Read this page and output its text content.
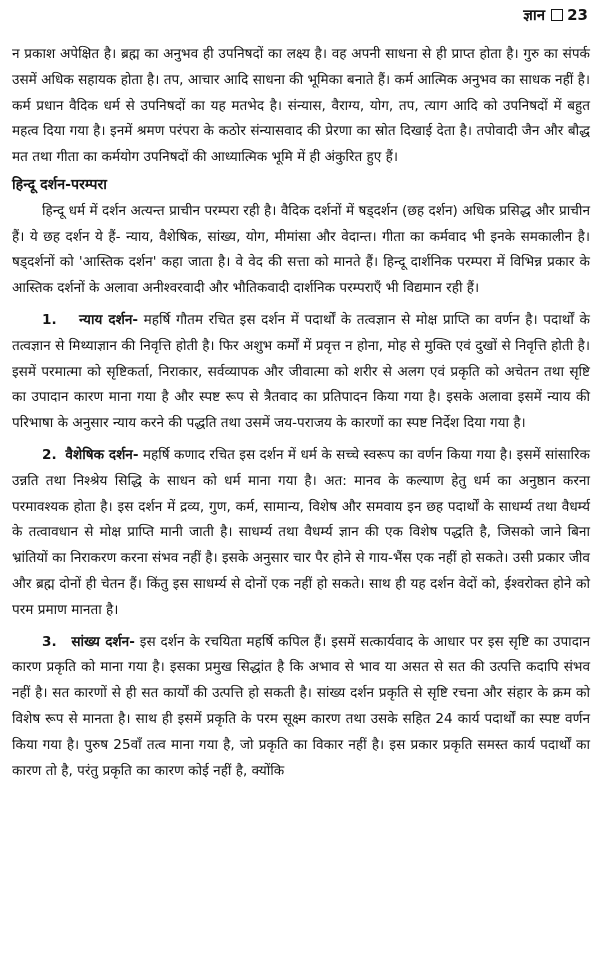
ज्ञान 23

न प्रकाश अपेक्षित है। ब्रह्म का अनुभव ही उपनिषदों का लक्ष्य है। वह अपनी साधना से ही प्राप्त होता है। गुरु का संपर्क उसमें अधिक सहायक होता है। तप, आचार आदि साधना की भूमिका बनाते हैं। कर्म आत्मिक अनुभव का साधक नहीं है। कर्म प्रधान वैदिक धर्म से उपनिषदों का यह मतभेद है। संन्यास, वैराग्य, योग, तप, त्याग आदि को उपनिषदों में बहुत महत्व दिया गया है। इनमें श्रमण परंपरा के कठोर संन्यासवाद की प्रेरणा का स्रोत दिखाई देता है। तपोवादी जैन और बौद्ध मत तथा गीता का कर्मयोग उपनिषदों की आध्यात्मिक भूमि में ही अंकुरित हुए हैं।

हिन्दू दर्शन-परम्परा

हिन्दू धर्म में दर्शन अत्यन्त प्राचीन परम्परा रही है। वैदिक दर्शनों में षड्दर्शन (छह दर्शन) अधिक प्रसिद्ध और प्राचीन हैं। ये छह दर्शन ये हैं- न्याय, वैशेषिक, सांख्य, योग, मीमांसा और वेदान्त। गीता का कर्मवाद भी इनके समकालीन है। षड्दर्शनों को 'आस्तिक दर्शन' कहा जाता है। वे वेद की सत्ता को मानते हैं। हिन्दू दार्शनिक परम्परा में विभिन्न प्रकार के आस्तिक दर्शनों के अलावा अनीश्वरवादी और भौतिकवादी दार्शनिक परम्पराएँ भी विद्यमान रही हैं।

1. न्याय दर्शन- महर्षि गौतम रचित इस दर्शन में पदार्थों के तत्वज्ञान से मोक्ष प्राप्ति का वर्णन है। पदार्थों के तत्वज्ञान से मिथ्याज्ञान की निवृत्ति होती है। फिर अशुभ कर्मों में प्रवृत्त न होना, मोह से मुक्ति एवं दुखों से निवृत्ति होती है। इसमें परमात्मा को सृष्टिकर्ता, निराकार, सर्वव्यापक और जीवात्मा को शरीर से अलग एवं प्रकृति को अचेतन तथा सृष्टि का उपादान कारण माना गया है और स्पष्ट रूप से त्रैतवाद का प्रतिपादन किया गया है। इसके अलावा इसमें न्याय की परिभाषा के अनुसार न्याय करने की पद्धति तथा उसमें जय-पराजय के कारणों का स्पष्ट निर्देश दिया गया है।

2. वैशेषिक दर्शन- महर्षि कणाद रचित इस दर्शन में धर्म के सच्चे स्वरूप का वर्णन किया गया है। इसमें सांसारिक उन्नति तथा निश्श्रेय सिद्धि के साधन को धर्म माना गया है। अत: मानव के कल्याण हेतु धर्म का अनुष्ठान करना परमावश्यक होता है। इस दर्शन में द्रव्य, गुण, कर्म, सामान्य, विशेष और समवाय इन छह पदार्थों के साधर्म्य तथा वैधर्म्य के तत्वावधान से मोक्ष प्राप्ति मानी जाती है। साधर्म्य तथा वैधर्म्य ज्ञान की एक विशेष पद्धति है, जिसको जाने बिना भ्रांतियों का निराकरण करना संभव नहीं है। इसके अनुसार चार पैर होने से गाय-भैंस एक नहीं हो सकते। उसी प्रकार जीव और ब्रह्म दोनों ही चेतन हैं। किंतु इस साधर्म्य से दोनों एक नहीं हो सकते। साथ ही यह दर्शन वेदों को, ईश्वरोक्त होने को परम प्रमाण मानता है।

3. सांख्य दर्शन- इस दर्शन के रचयिता महर्षि कपिल हैं। इसमें सत्कार्यवाद के आधार पर इस सृष्टि का उपादान कारण प्रकृति को माना गया है। इसका प्रमुख सिद्धांत है कि अभाव से भाव या असत से सत की उत्पत्ति कदापि संभव नहीं है। सत कारणों से ही सत कार्यों की उत्पत्ति हो सकती है। सांख्य दर्शन प्रकृति से सृष्टि रचना और संहार के क्रम को विशेष रूप से मानता है। साथ ही इसमें प्रकृति के परम सूक्ष्म कारण तथा उसके सहित 24 कार्य पदार्थों का स्पष्ट वर्णन किया गया है। पुरुष 25वाँ तत्व माना गया है, जो प्रकृति का विकार नहीं है। इस प्रकार प्रकृति समस्त कार्य पदार्थों का कारण तो है, परंतु प्रकृति का कारण कोई नहीं है, क्योंकि
